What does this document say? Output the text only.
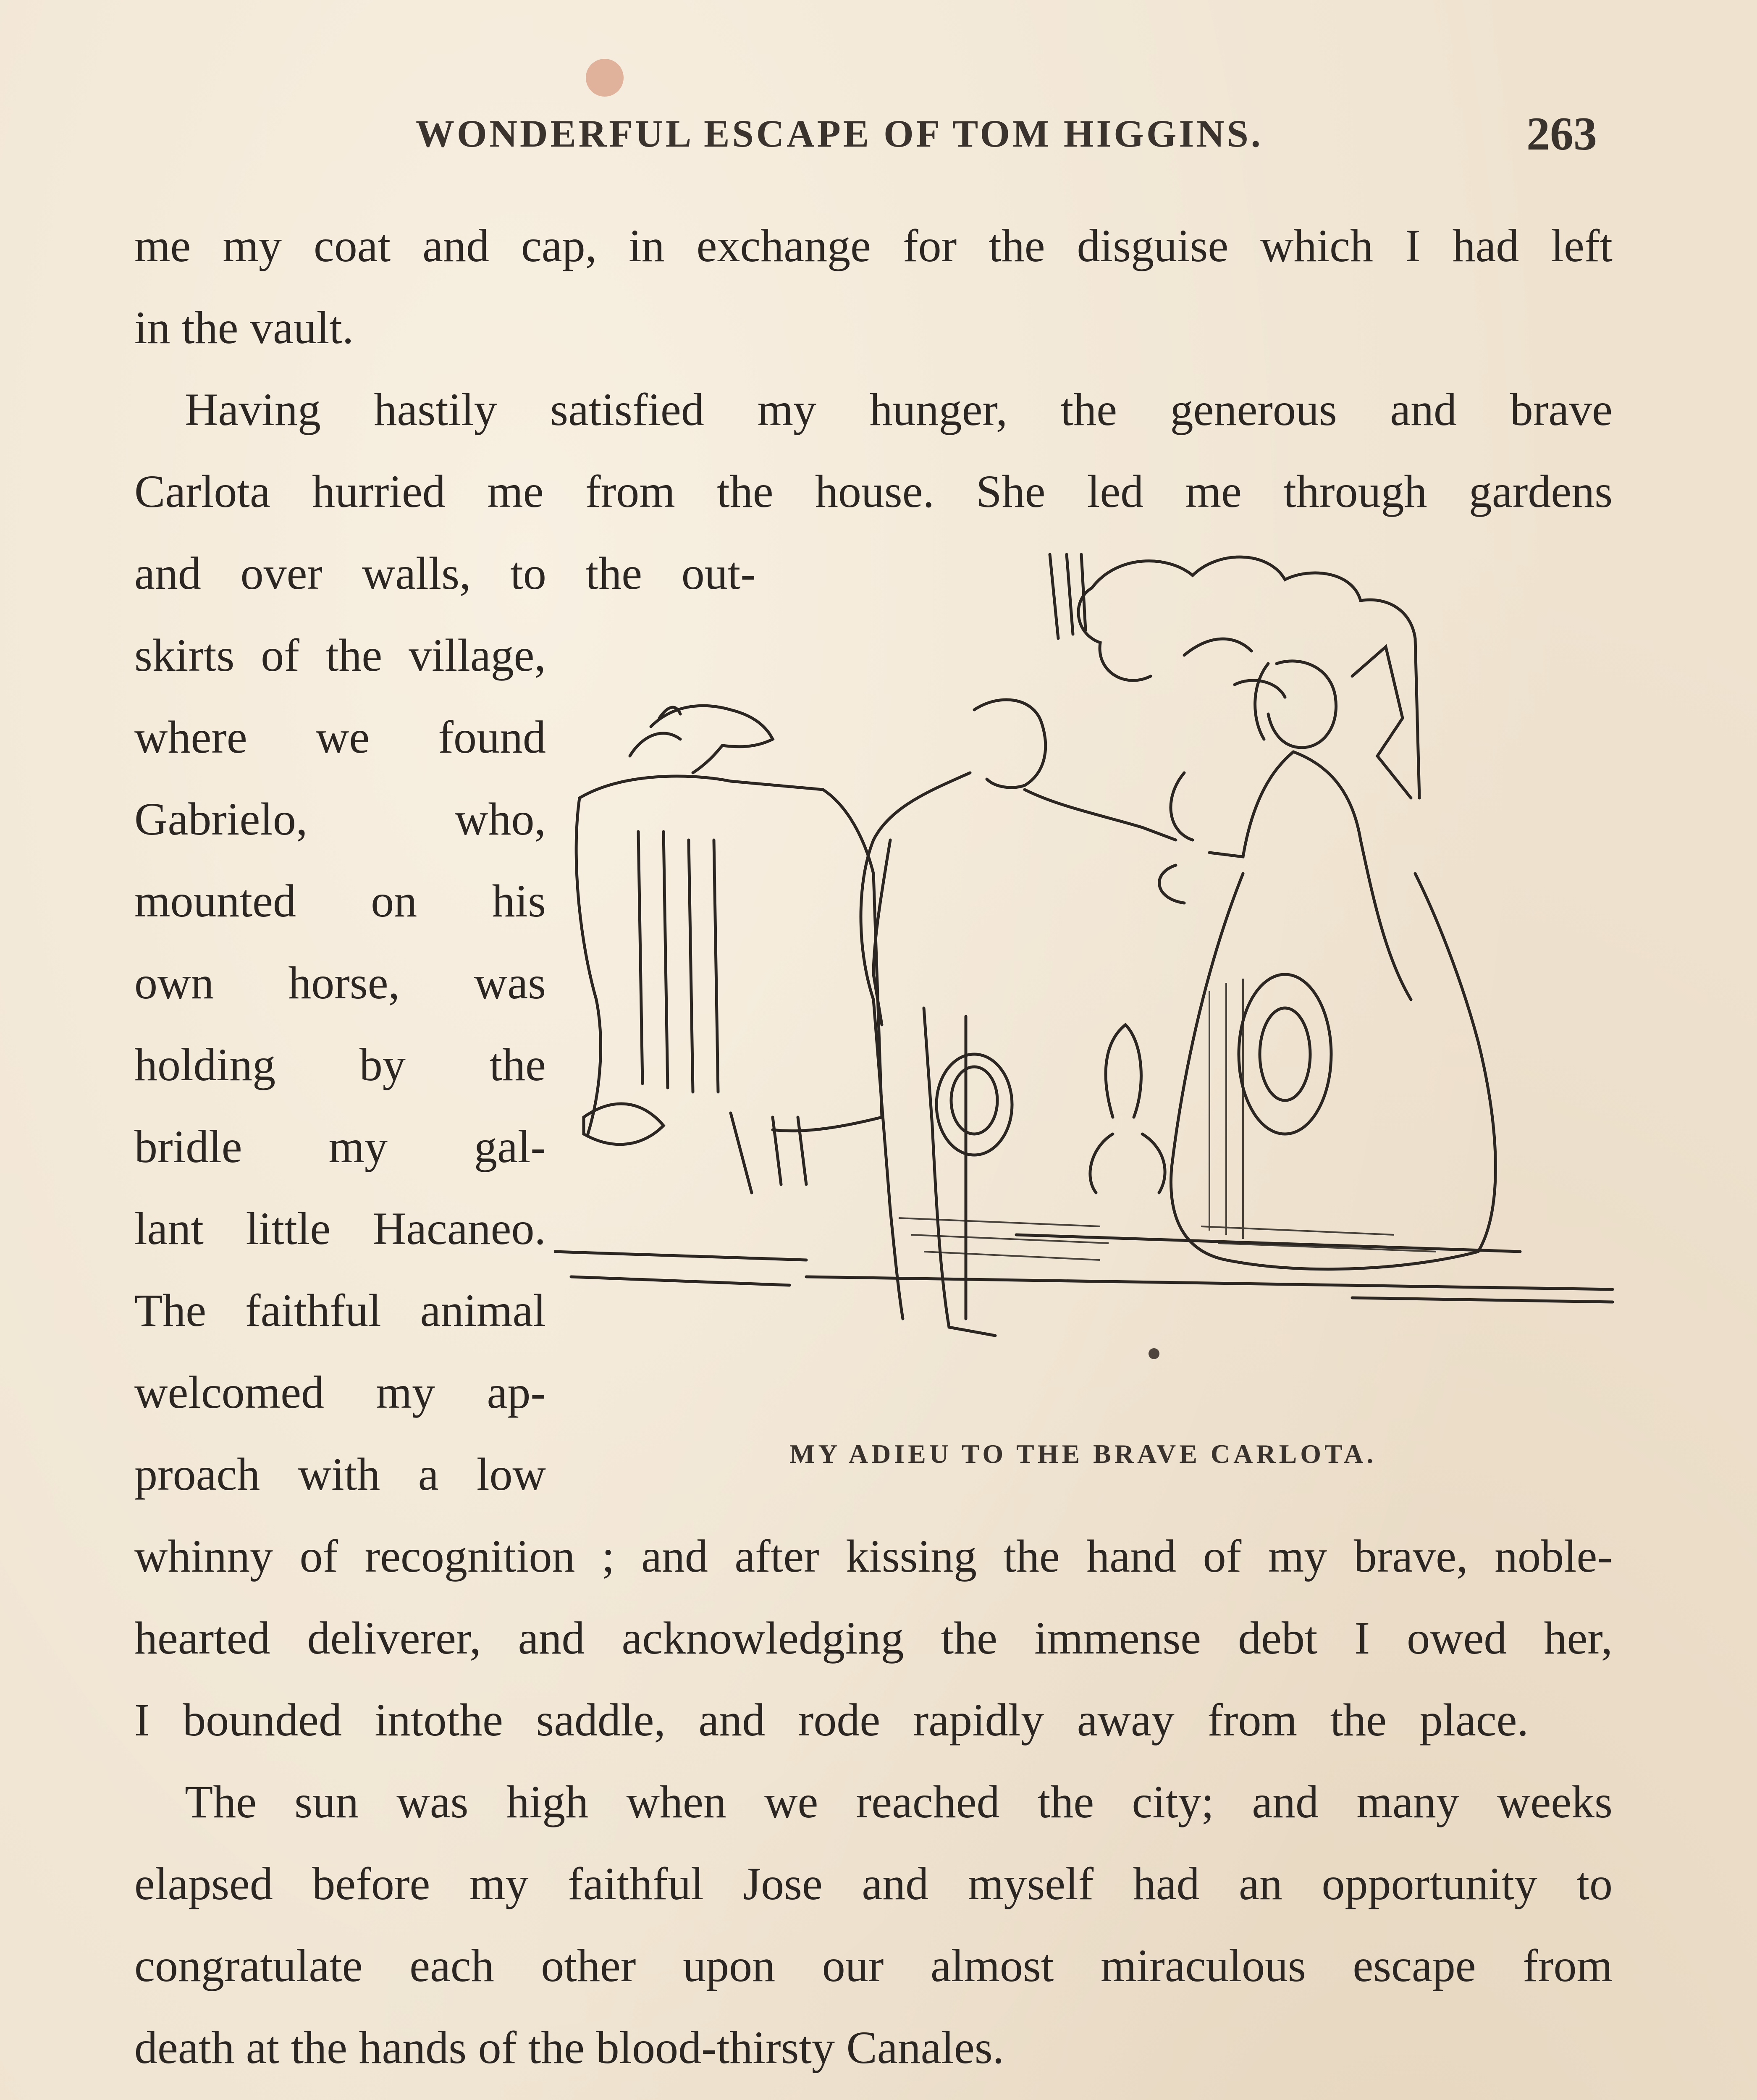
WONDERFUL ESCAPE OF TOM HIGGINS.	263
me my coat and cap, in exchange for the disguise which I had left
in the vault.
Having hastily satisfied my hunger, the generous and brave
Carlota hurried me from the house. She led me through gardens
and over walls, to the out-
skirts of the village,
where we found
Gabrielo, who,
mounted on his
own horse, was
holding by the
bridle my gal-
lant little Hacaneo.
The faithful animal
welcomed my ap-
proach with a low	MY ADIEU TO THE BRAVE CARLOTA.
whinny of recognition ; and after kissing the hand of my brave, noble-
hearted deliverer, and acknowledging the immense debt I owed her,
I bounded intothe saddle, and rode rapidly away from the place.
The sun was high when we reached the city; and many weeks
elapsed before my faithful Jose and myself had an opportunity to
congratulate each other upon our almost miraculous escape from
death at the hands of the blood-thirsty Canales.
